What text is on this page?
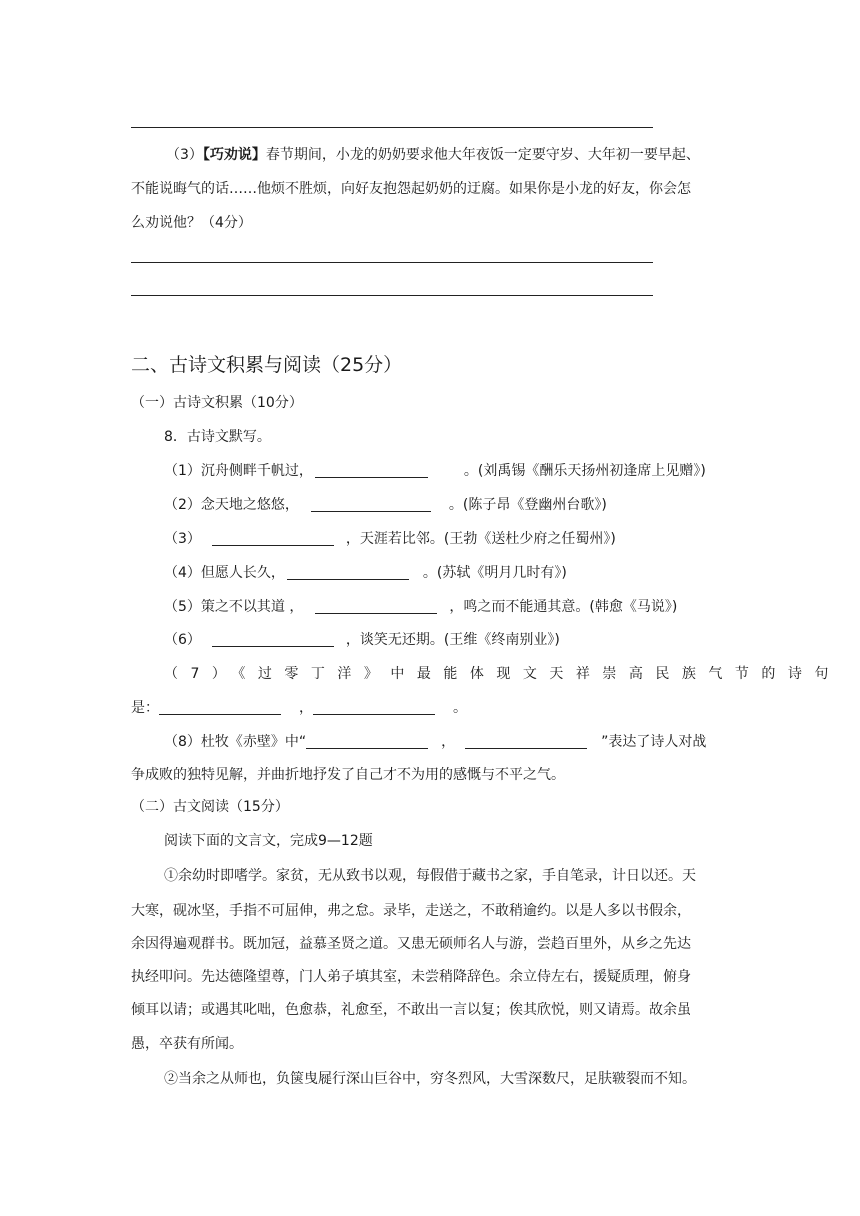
（3）【巧劝说】春节期间，小龙的奶奶要求他大年夜饭一定要守岁、大年初一要早起、
不能说晦气的话……他烦不胜烦，向好友抱怨起奶奶的迂腐。如果你是小龙的好友，你会怎
么劝说他？（4分）
二、古诗文积累与阅读（25分）
（一）古诗文积累（10分）
8．古诗文默写。
（1）沉舟侧畔千帆过，	。(刘禹锡《酬乐天扬州初逢席上见赠》)
（2）念天地之悠悠，	。(陈子昂《登幽州台歌》)
（3）	，天涯若比邻。(王勃《送杜少府之任蜀州》)
（4）但愿人长久，	。(苏轼《明月几时有》)
（5）策之不以其道 ，	，鸣之而不能通其意。(韩愈《马说》)
（6）	，谈笑无还期。(王维《终南别业》)
（7）《过零丁洋》中最能体现文天祥崇高民族气节的诗句
是：	，	。
（8）杜牧《赤壁》中“	，	”表达了诗人对战
争成败的独特见解，并曲折地抒发了自己才不为用的感慨与不平之气。
（二）古文阅读（15分）
阅读下面的文言文，完成9—12题
①余幼时即嗜学。家贫，无从致书以观，每假借于藏书之家，手自笔录，计日以还。天
大寒，砚冰坚，手指不可屈伸，弗之怠。录毕，走送之，不敢稍逾约。以是人多以书假余，
余因得遍观群书。既加冠，益慕圣贤之道。又患无硕师名人与游，尝趋百里外，从乡之先达
执经叩问。先达德隆望尊，门人弟子填其室，未尝稍降辞色。余立侍左右，援疑质理，俯身
倾耳以请；或遇其叱咄，色愈恭，礼愈至，不敢出一言以复；俟其欣悦，则又请焉。故余虽
愚，卒获有所闻。
②当余之从师也，负箧曳屣行深山巨谷中，穷冬烈风，大雪深数尺，足肤皲裂而不知。
